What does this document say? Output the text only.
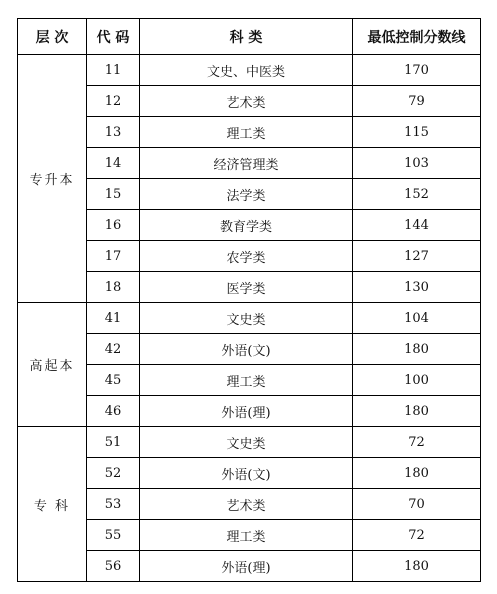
层 次	代 码	科 类	最低控制分数线
专升本	11	文史、中医类	170
	12	艺术类	79
	13	理工类	115
	14	经济管理类	103
	15	法学类	152
	16	教育学类	144
	17	农学类	127
	18	医学类	130
高起本	41	文史类	104
	42	外语(文)	180
	45	理工类	100
	46	外语(理)	180
专 科	51	文史类	72
	52	外语(文)	180
	53	艺术类	70
	55	理工类	72
	56	外语(理)	180
